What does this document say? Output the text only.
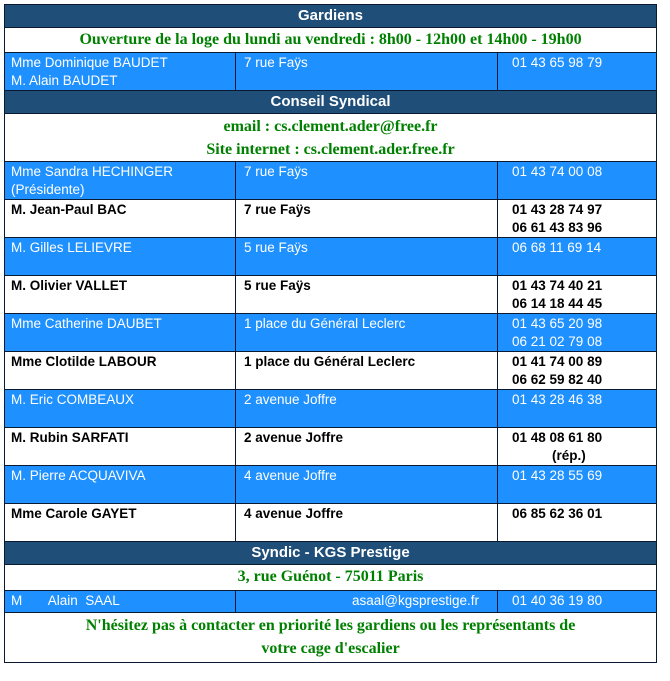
Gardiens		
Ouverture de la loge du lundi au vendredi : 8h00 - 12h00 et 14h00 - 19h00		

Mme Dominique BAUDET
M. Alain BAUDET	7 rue Faÿs	01 43 65 98 79
Conseil Syndical		

email : cs.clement.ader@free.fr
Site internet : cs.clement.ader.free.fr		

Mme Sandra HECHINGER
(Présidente)	7 rue Faÿs	01 43 74 00 08
M. Jean-Paul BAC	7 rue Faÿs	01 43 28 74 97
06 61 43 83 96

M. Gilles LELIEVRE	5 rue Faÿs	06 68 11 69 14
M. Olivier VALLET	5 rue Faÿs	01 43 74 40 21
06 14 18 44 45

Mme Catherine DAUBET	1 place du Général Leclerc	01 43 65 20 98
06 21 02 79 08

Mme Clotilde LABOUR	1 place du Général Leclerc	01 41 74 00 89
06 62 59 82 40

M. Eric COMBEAUX	2 avenue Joffre	01 43 28 46 38
M. Rubin SARFATI	2 avenue Joffre	01 48 08 61 80
(rép.)

M. Pierre ACQUAVIVA	4 avenue Joffre	01 43 28 55 69
Mme Carole GAYET	4 avenue Joffre	06 85 62 36 01
Syndic - KGS Prestige		
3, rue Guénot - 75011 Paris		
M       Alain  SAAL	asaal@kgsprestige.fr	01 40 36 19 80

N'hésitez pas à contacter en priorité les gardiens ou les représentants de
votre cage d'escalier		
